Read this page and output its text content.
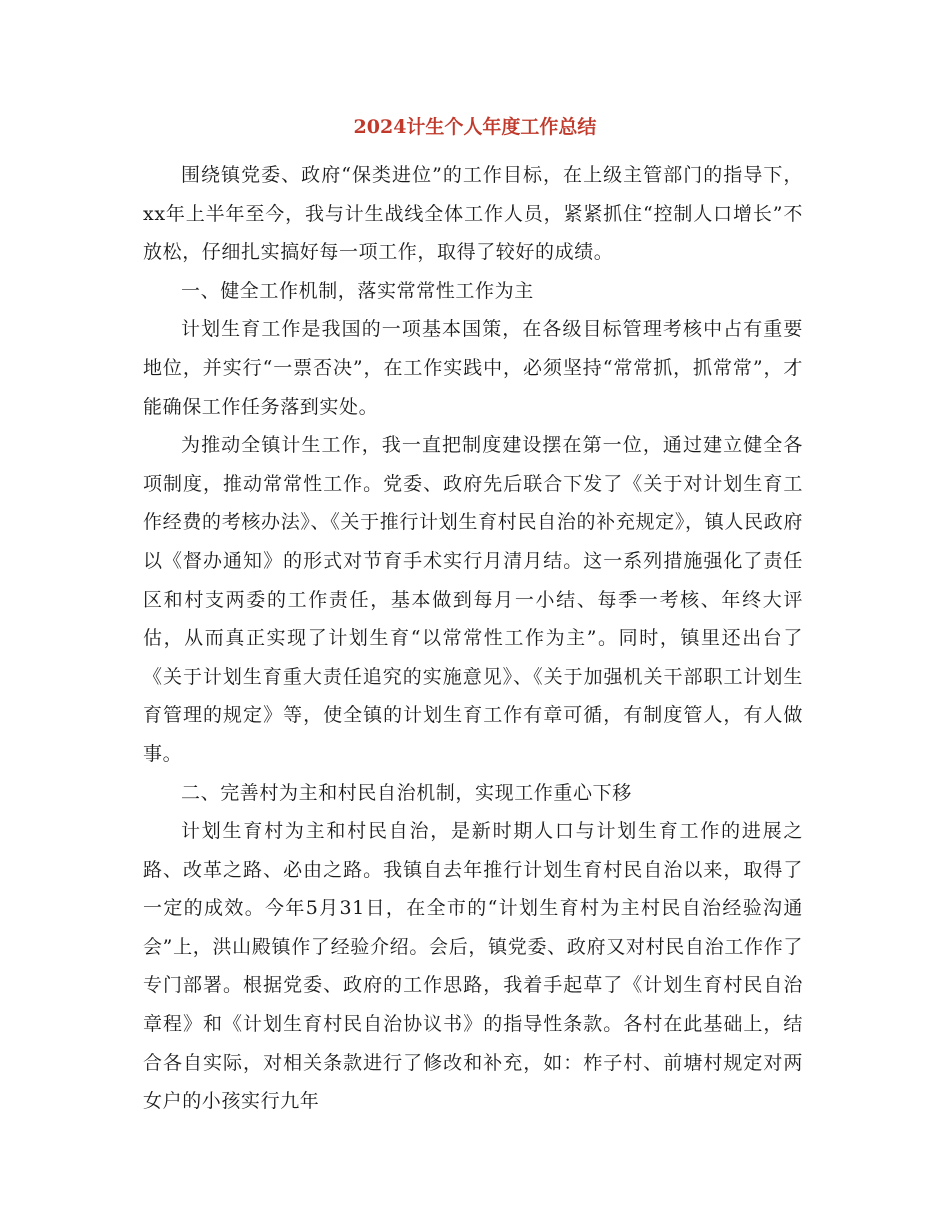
2024计生个人年度工作总结

围绕镇党委、政府“保类进位”的工作目标，在上级主管部门的指导下，xx年上半年至今，我与计生战线全体工作人员，紧紧抓住“控制人口增长”不放松，仔细扎实搞好每一项工作，取得了较好的成绩。

一、健全工作机制，落实常常性工作为主

计划生育工作是我国的一项基本国策，在各级目标管理考核中占有重要地位，并实行“一票否决”，在工作实践中，必须坚持“常常抓，抓常常”，才能确保工作任务落到实处。

为推动全镇计生工作，我一直把制度建设摆在第一位，通过建立健全各项制度，推动常常性工作。党委、政府先后联合下发了《关于对计划生育工作经费的考核办法》、《关于推行计划生育村民自治的补充规定》，镇人民政府以《督办通知》的形式对节育手术实行月清月结。这一系列措施强化了责任区和村支两委的工作责任，基本做到每月一小结、每季一考核、年终大评估，从而真正实现了计划生育“以常常性工作为主”。同时，镇里还出台了《关于计划生育重大责任追究的实施意见》、《关于加强机关干部职工计划生育管理的规定》等，使全镇的计划生育工作有章可循，有制度管人，有人做事。

二、完善村为主和村民自治机制，实现工作重心下移

计划生育村为主和村民自治，是新时期人口与计划生育工作的进展之路、改革之路、必由之路。我镇自去年推行计划生育村民自治以来，取得了一定的成效。今年5月31日，在全市的“计划生育村为主村民自治经验沟通会”上，洪山殿镇作了经验介绍。会后，镇党委、政府又对村民自治工作作了专门部署。根据党委、政府的工作思路，我着手起草了《计划生育村民自治章程》和《计划生育村民自治协议书》的指导性条款。各村在此基础上，结合各自实际，对相关条款进行了修改和补充，如：柞子村、前塘村规定对两女户的小孩实行九年
